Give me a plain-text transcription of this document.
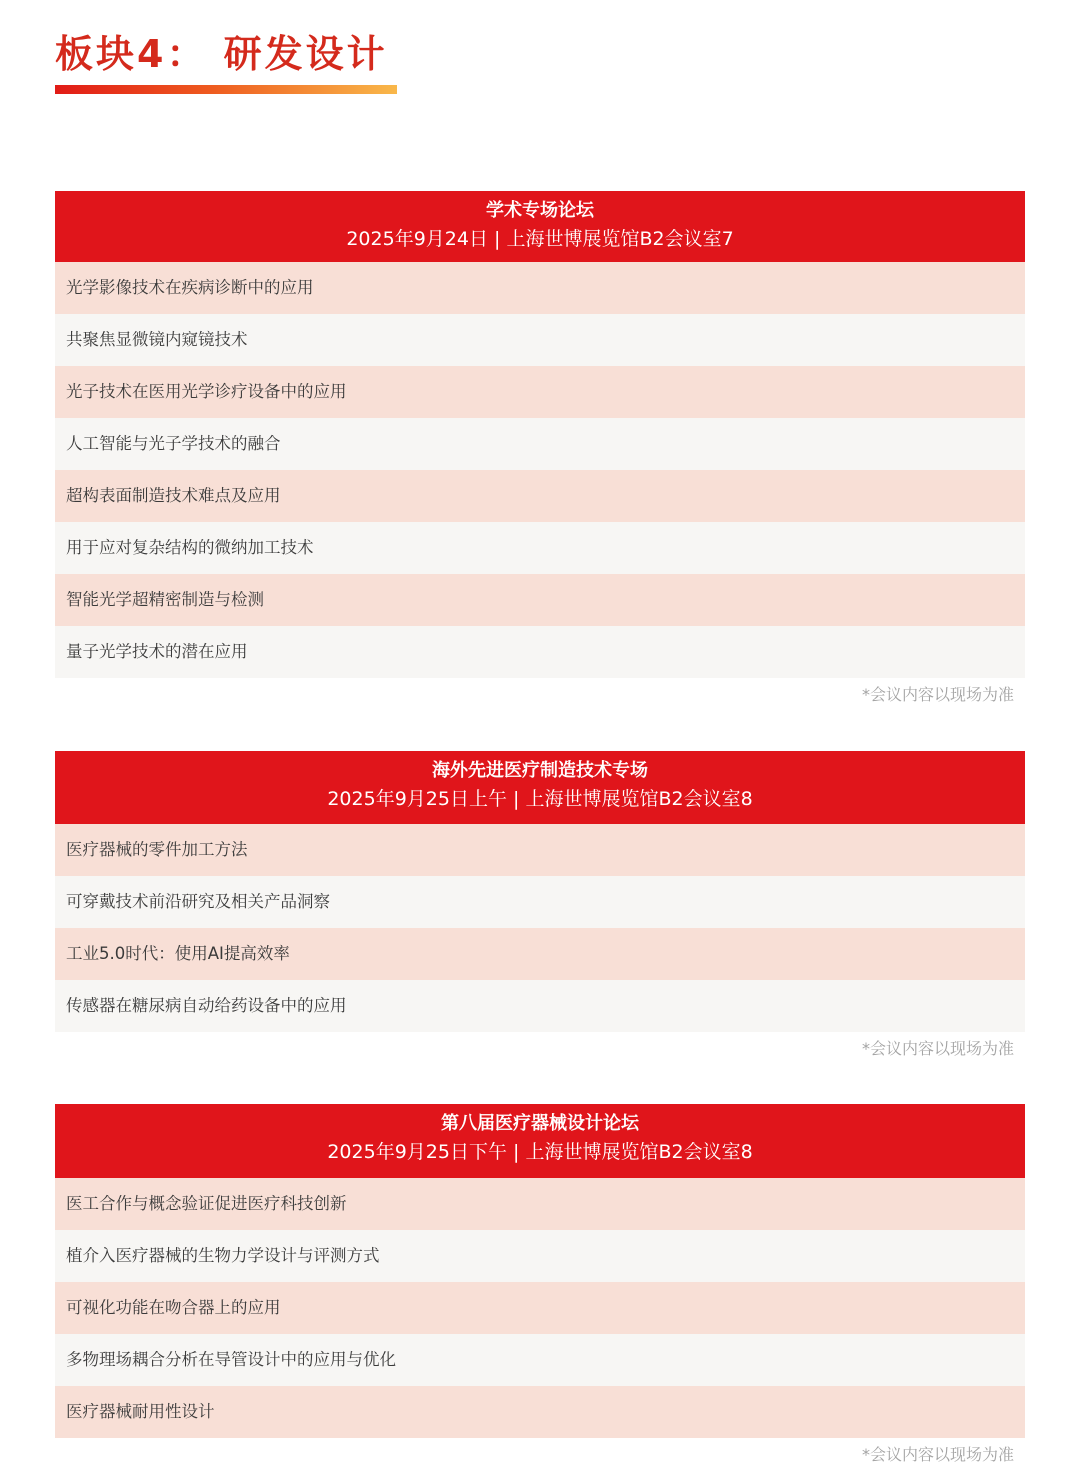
板块4： 研发设计
学术专场论坛
2025年9月24日 | 上海世博展览馆B2会议室7
光学影像技术在疾病诊断中的应用
共聚焦显微镜内窥镜技术
光子技术在医用光学诊疗设备中的应用
人工智能与光子学技术的融合
超构表面制造技术难点及应用
用于应对复杂结构的微纳加工技术
智能光学超精密制造与检测
量子光学技术的潜在应用
*会议内容以现场为准
海外先进医疗制造技术专场
2025年9月25日上午 | 上海世博展览馆B2会议室8
医疗器械的零件加工方法
可穿戴技术前沿研究及相关产品洞察
工业5.0时代：使用AI提高效率
传感器在糖尿病自动给药设备中的应用
*会议内容以现场为准
第八届医疗器械设计论坛
2025年9月25日下午 | 上海世博展览馆B2会议室8
医工合作与概念验证促进医疗科技创新
植介入医疗器械的生物力学设计与评测方式
可视化功能在吻合器上的应用
多物理场耦合分析在导管设计中的应用与优化
医疗器械耐用性设计
*会议内容以现场为准
